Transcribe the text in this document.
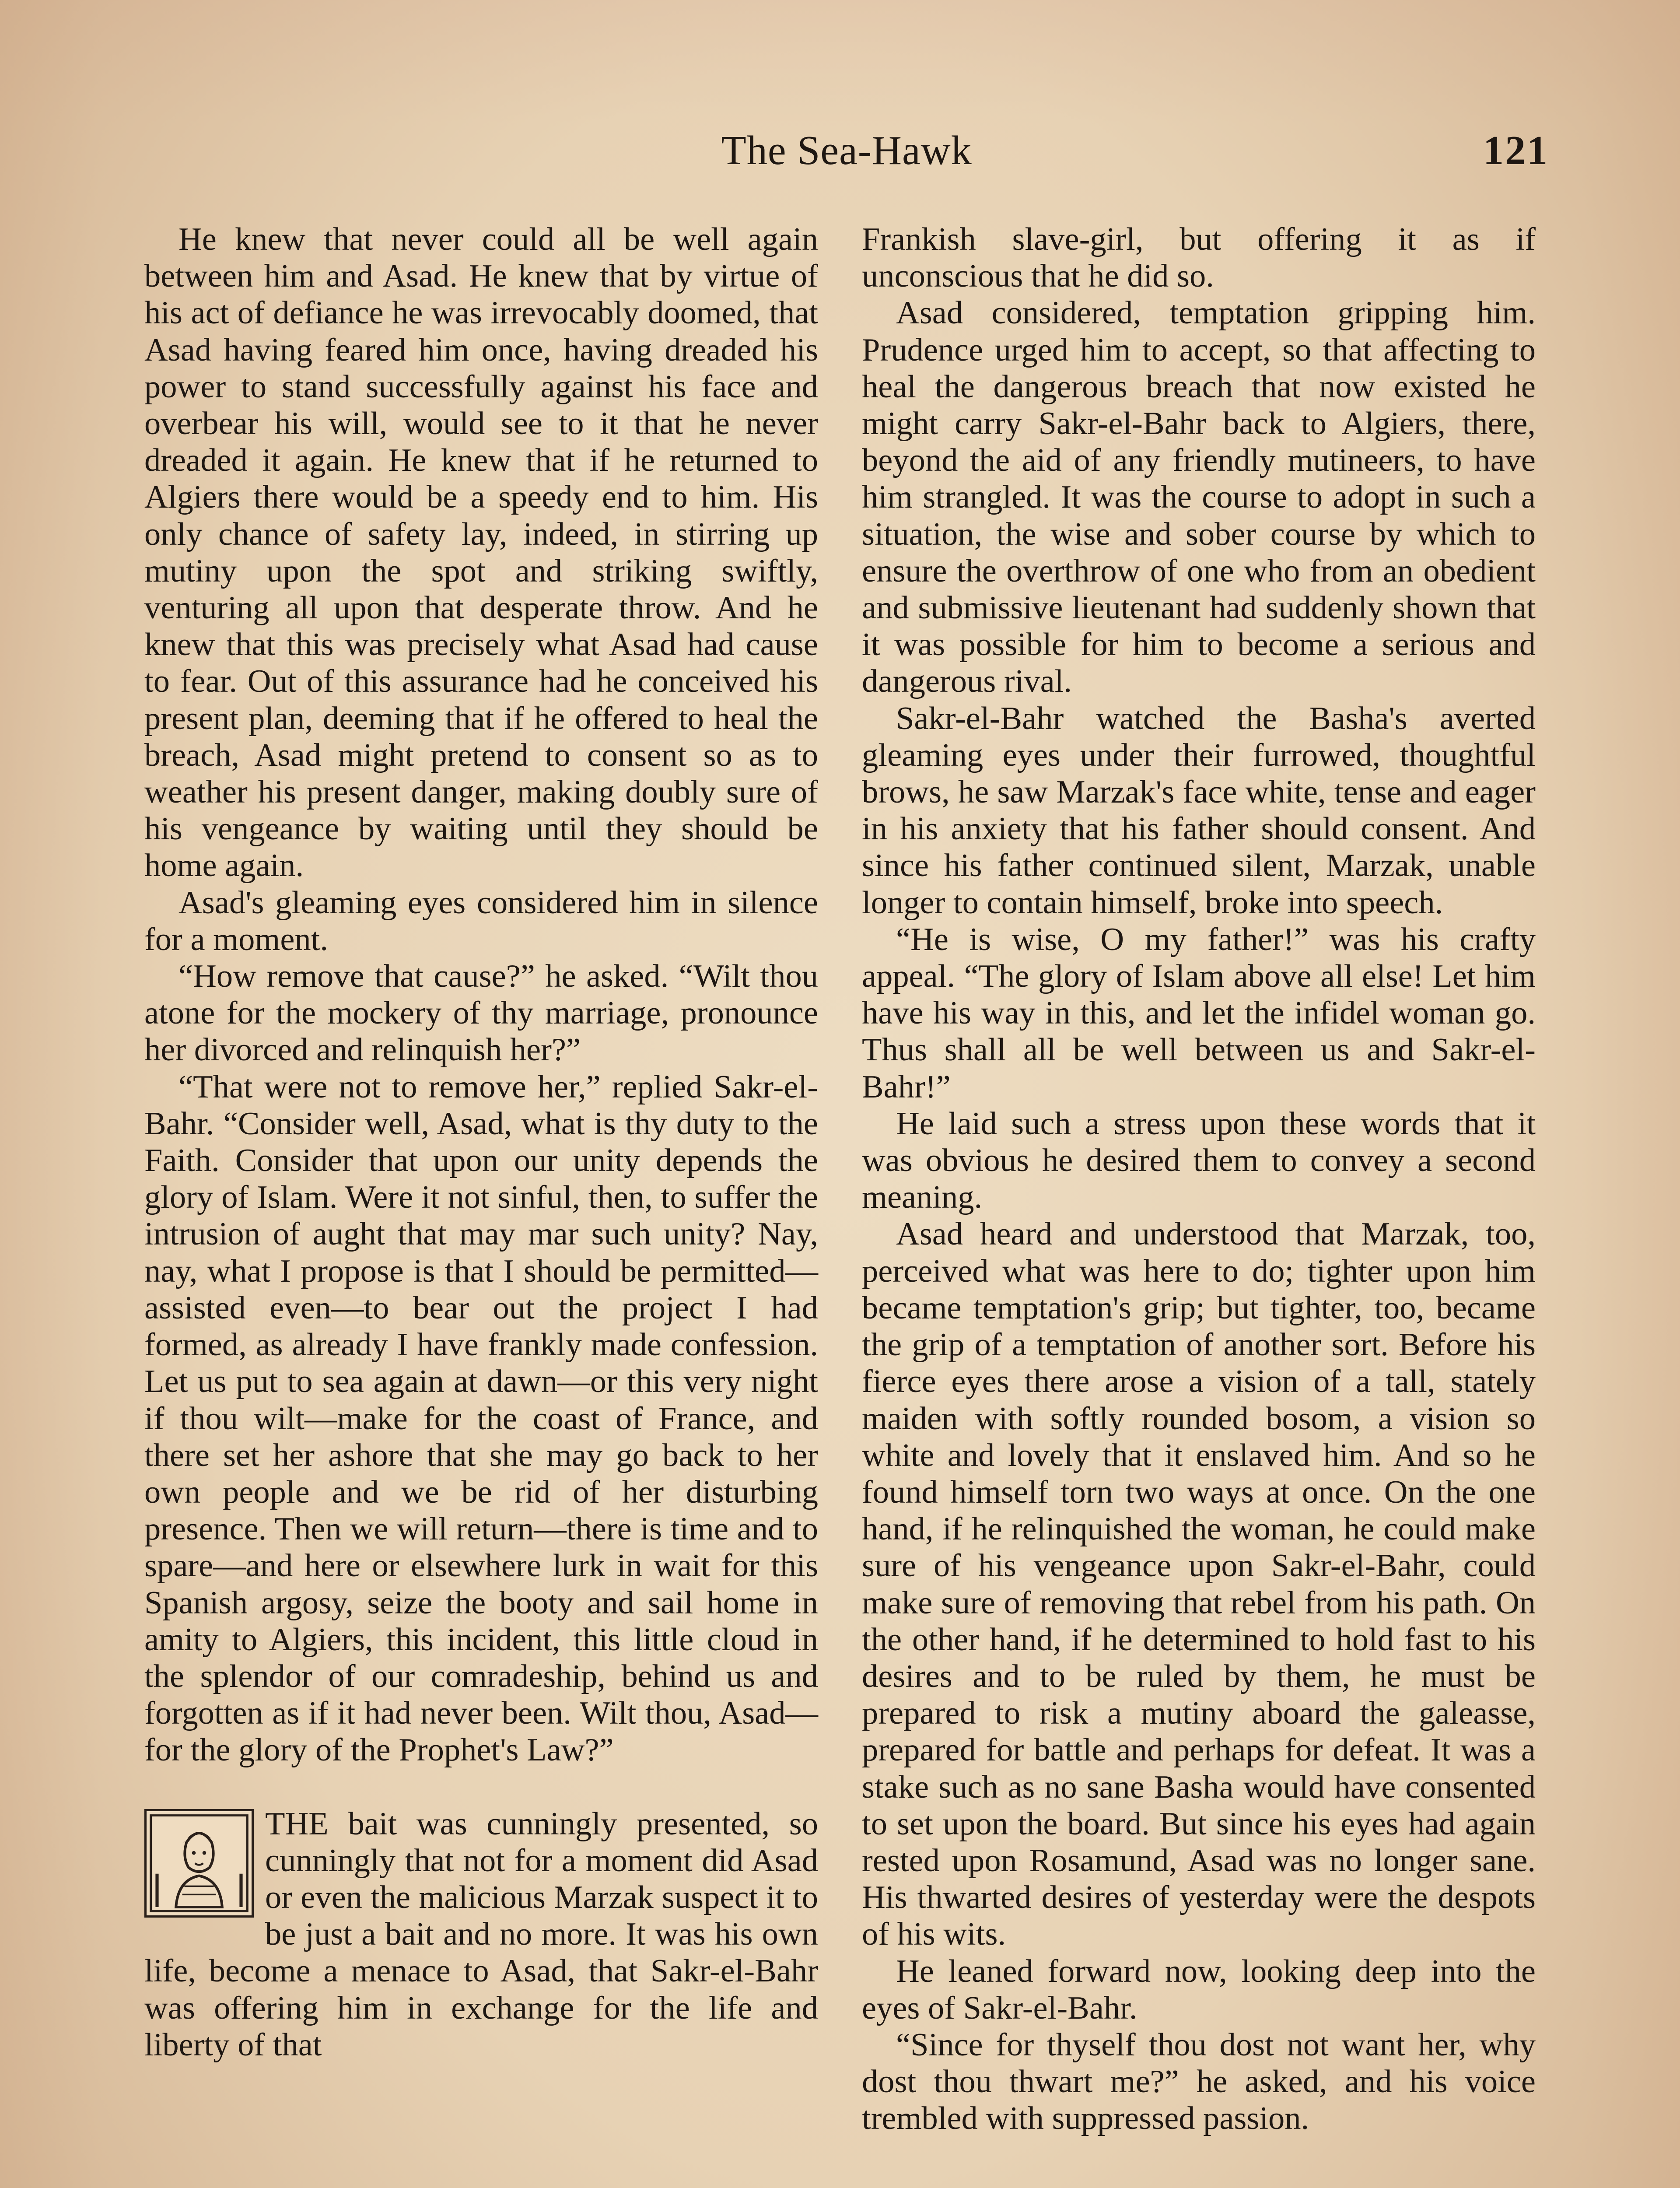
The Sea-Hawk	121

He knew that never could all be well again between him and Asad. He knew that by virtue of his act of defiance he was irrevocably doomed, that Asad having feared him once, having dreaded his power to stand successfully against his face and overbear his will, would see to it that he never dreaded it again. He knew that if he returned to Algiers there would be a speedy end to him. His only chance of safety lay, indeed, in stirring up mutiny upon the spot and striking swiftly, venturing all upon that desperate throw. And he knew that this was precisely what Asad had cause to fear. Out of this assurance had he conceived his present plan, deeming that if he offered to heal the breach, Asad might pretend to consent so as to weather his present danger, making doubly sure of his vengeance by waiting until they should be home again.

Asad's gleaming eyes considered him in silence for a moment.

“How remove that cause?” he asked. “Wilt thou atone for the mockery of thy marriage, pronounce her divorced and relinquish her?”

“That were not to remove her,” replied Sakr-el-Bahr. “Consider well, Asad, what is thy duty to the Faith. Consider that upon our unity depends the glory of Islam. Were it not sinful, then, to suffer the intrusion of aught that may mar such unity? Nay, nay, what I propose is that I should be permitted—assisted even—to bear out the project I had formed, as already I have frankly made confession. Let us put to sea again at dawn—or this very night if thou wilt—make for the coast of France, and there set her ashore that she may go back to her own people and we be rid of her disturbing presence. Then we will return—there is time and to spare—and here or elsewhere lurk in wait for this Spanish argosy, seize the booty and sail home in amity to Algiers, this incident, this little cloud in the splendor of our comradeship, behind us and forgotten as if it had never been. Wilt thou, Asad—for the glory of the Prophet's Law?”

THE bait was cunningly presented, so cunningly that not for a moment did Asad or even the malicious Marzak suspect it to be just a bait and no more. It was his own life, become a menace to Asad, that Sakr-el-Bahr was offering him in exchange for the life and liberty of that

Frankish slave-girl, but offering it as if unconscious that he did so.

Asad considered, temptation gripping him. Prudence urged him to accept, so that affecting to heal the dangerous breach that now existed he might carry Sakr-el-Bahr back to Algiers, there, beyond the aid of any friendly mutineers, to have him strangled. It was the course to adopt in such a situation, the wise and sober course by which to ensure the overthrow of one who from an obedient and submissive lieutenant had suddenly shown that it was possible for him to become a serious and dangerous rival.

Sakr-el-Bahr watched the Basha's averted gleaming eyes under their furrowed, thoughtful brows, he saw Marzak's face white, tense and eager in his anxiety that his father should consent. And since his father continued silent, Marzak, unable longer to contain himself, broke into speech.

“He is wise, O my father!” was his crafty appeal. “The glory of Islam above all else! Let him have his way in this, and let the infidel woman go. Thus shall all be well between us and Sakr-el-Bahr!”

He laid such a stress upon these words that it was obvious he desired them to convey a second meaning.

Asad heard and understood that Marzak, too, perceived what was here to do; tighter upon him became temptation's grip; but tighter, too, became the grip of a temptation of another sort. Before his fierce eyes there arose a vision of a tall, stately maiden with softly rounded bosom, a vision so white and lovely that it enslaved him. And so he found himself torn two ways at once. On the one hand, if he relinquished the woman, he could make sure of his vengeance upon Sakr-el-Bahr, could make sure of removing that rebel from his path. On the other hand, if he determined to hold fast to his desires and to be ruled by them, he must be prepared to risk a mutiny aboard the galeasse, prepared for battle and perhaps for defeat. It was a stake such as no sane Basha would have consented to set upon the board. But since his eyes had again rested upon Rosamund, Asad was no longer sane. His thwarted desires of yesterday were the despots of his wits.

He leaned forward now, looking deep into the eyes of Sakr-el-Bahr.

“Since for thyself thou dost not want her, why dost thou thwart me?” he asked, and his voice trembled with suppressed passion.
